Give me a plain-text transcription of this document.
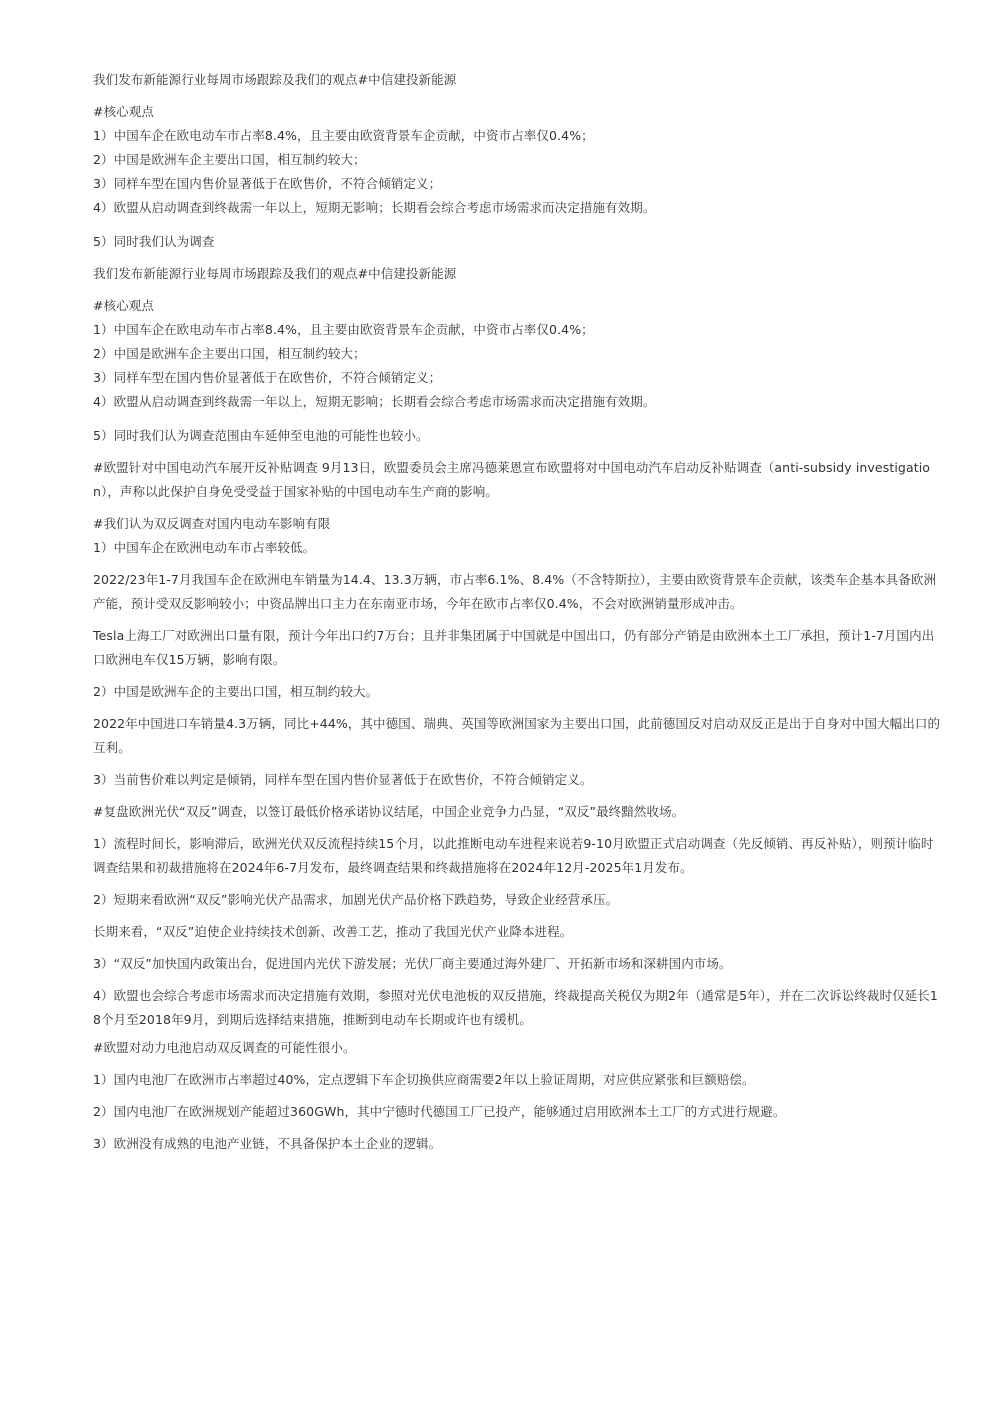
我们发布新能源行业每周市场跟踪及我们的观点#中信建投新能源

#核心观点

1）中国车企在欧电动车市占率8.4%，且主要由欧资背景车企贡献，中资市占率仅0.4%；

2）中国是欧洲车企主要出口国，相互制约较大；

3）同样车型在国内售价显著低于在欧售价，不符合倾销定义；

4）欧盟从启动调查到终裁需一年以上，短期无影响；长期看会综合考虑市场需求而决定措施有效期。

5）同时我们认为调查

我们发布新能源行业每周市场跟踪及我们的观点#中信建投新能源

#核心观点

1）中国车企在欧电动车市占率8.4%，且主要由欧资背景车企贡献，中资市占率仅0.4%；

2）中国是欧洲车企主要出口国，相互制约较大；

3）同样车型在国内售价显著低于在欧售价，不符合倾销定义；

4）欧盟从启动调查到终裁需一年以上，短期无影响；长期看会综合考虑市场需求而决定措施有效期。

5）同时我们认为调查范围由车延伸至电池的可能性也较小。

#欧盟针对中国电动汽车展开反补贴调查 9月13日，欧盟委员会主席冯德莱恩宣布欧盟将对中国电动汽车启动反补贴调查（anti-subsidy investigation），声称以此保护自身免受受益于国家补贴的中国电动车生产商的影响。

#我们认为双反调查对国内电动车影响有限

1）中国车企在欧洲电动车市占率较低。

2022/23年1-7月我国车企在欧洲电车销量为14.4、13.3万辆，市占率6.1%、8.4%（不含特斯拉），主要由欧资背景车企贡献，该类车企基本具备欧洲产能，预计受双反影响较小；中资品牌出口主力在东南亚市场，今年在欧市占率仅0.4%，不会对欧洲销量形成冲击。

Tesla上海工厂对欧洲出口量有限，预计今年出口约7万台；且并非集团属于中国就是中国出口，仍有部分产销是由欧洲本土工厂承担，预计1-7月国内出口欧洲电车仅15万辆，影响有限。

2）中国是欧洲车企的主要出口国，相互制约较大。

2022年中国进口车销量4.3万辆，同比+44%，其中德国、瑞典、英国等欧洲国家为主要出口国，此前德国反对启动双反正是出于自身对中国大幅出口的互利。

3）当前售价难以判定是倾销，同样车型在国内售价显著低于在欧售价，不符合倾销定义。

#复盘欧洲光伏“双反”调查，以签订最低价格承诺协议结尾，中国企业竞争力凸显，“双反”最终黯然收场。

1）流程时间长，影响滞后，欧洲光伏双反流程持续15个月，以此推断电动车进程来说若9-10月欧盟正式启动调查（先反倾销、再反补贴），则预计临时调查结果和初裁措施将在2024年6-7月发布，最终调查结果和终裁措施将在2024年12月-2025年1月发布。

2）短期来看欧洲“双反”影响光伏产品需求，加剧光伏产品价格下跌趋势，导致企业经营承压。

长期来看，“双反”迫使企业持续技术创新、改善工艺，推动了我国光伏产业降本进程。

3）“双反”加快国内政策出台，促进国内光伏下游发展；光伏厂商主要通过海外建厂、开拓新市场和深耕国内市场。

4）欧盟也会综合考虑市场需求而决定措施有效期，参照对光伏电池板的双反措施，终裁提高关税仅为期2年（通常是5年），并在二次诉讼终裁时仅延长18个月至2018年9月，到期后选择结束措施，推断到电动车长期或许也有缓机。

#欧盟对动力电池启动双反调查的可能性很小。

1）国内电池厂在欧洲市占率超过40%，定点逻辑下车企切换供应商需要2年以上验证周期，对应供应紧张和巨额赔偿。

2）国内电池厂在欧洲规划产能超过360GWh，其中宁德时代德国工厂已投产，能够通过启用欧洲本土工厂的方式进行规避。

3）欧洲没有成熟的电池产业链，不具备保护本土企业的逻辑。
